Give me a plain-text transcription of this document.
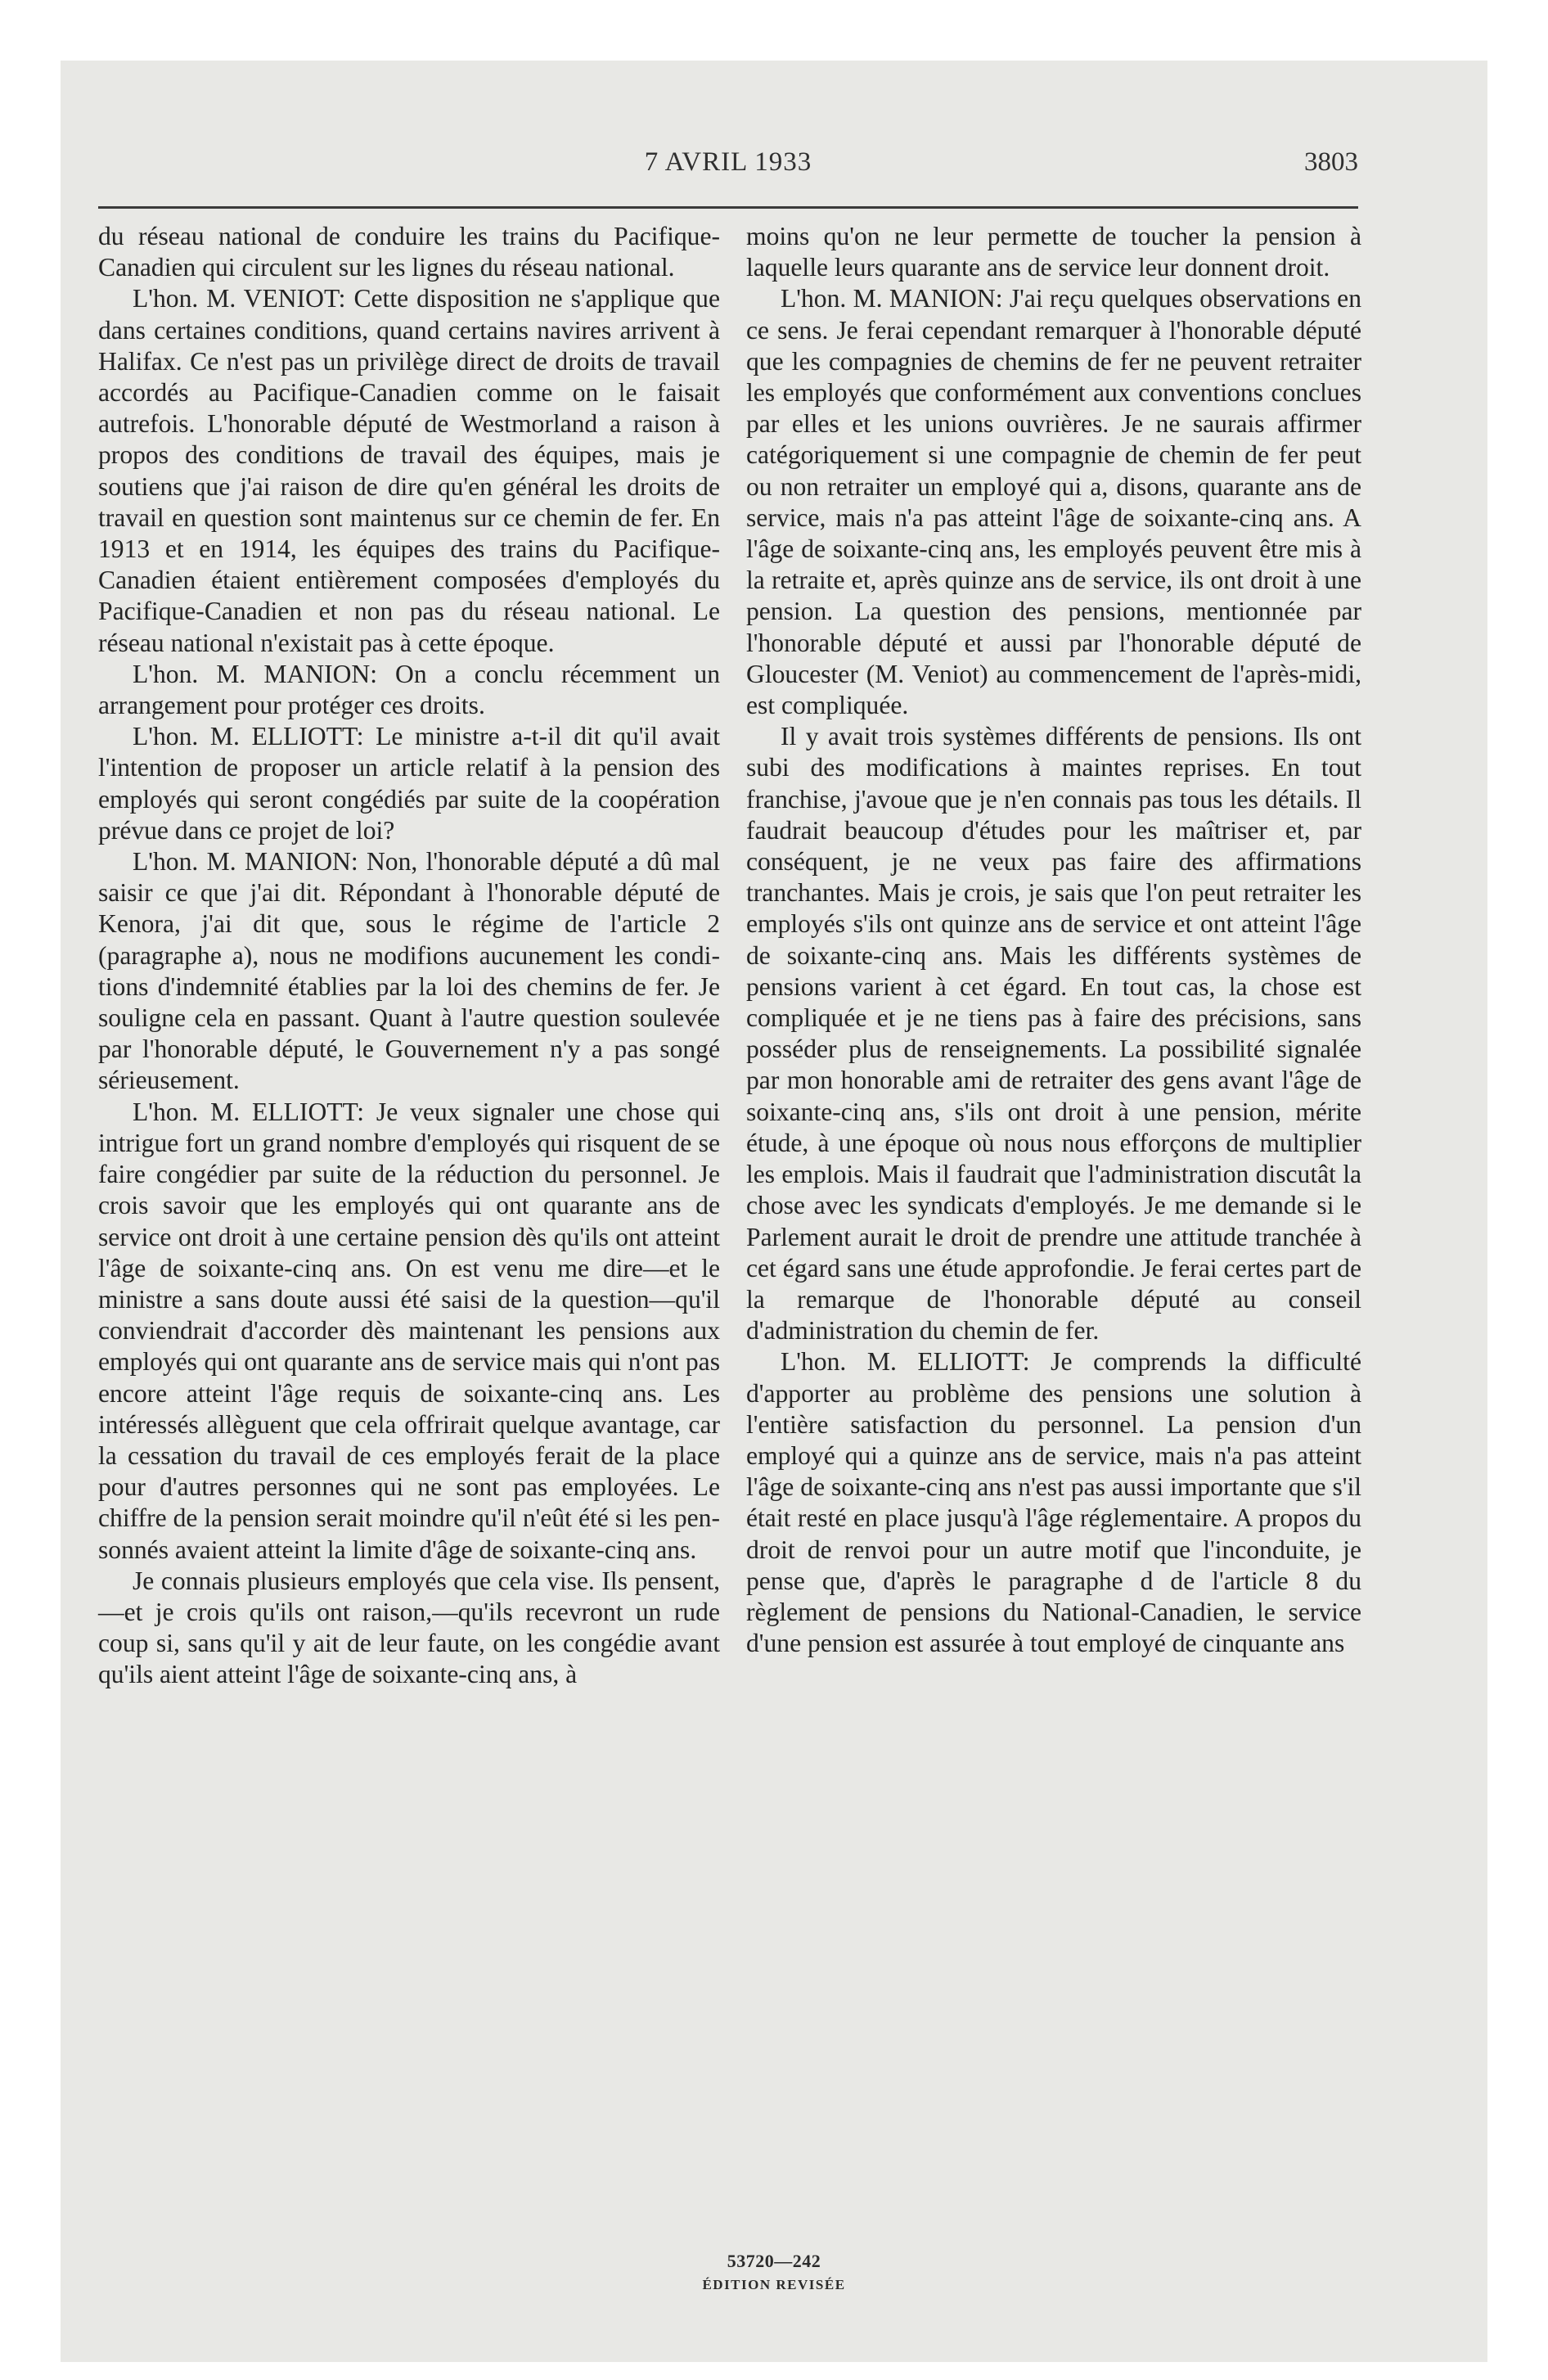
7 AVRIL 1933	3803

du réseau national de conduire les trains du Pacifique-Canadien qui circulent sur les lignes du réseau national.

L'hon. M. VENIOT: Cette disposition ne s'applique que dans certaines conditions, quand certains navires arrivent à Halifax. Ce n'est pas un privilège direct de droits de travail accordés au Pacifique-Canadien comme on le faisait autrefois. L'honorable député de Westmorland a raison à propos des conditions de travail des équipes, mais je soutiens que j'ai raison de dire qu'en général les droits de travail en question sont maintenus sur ce chemin de fer. En 1913 et en 1914, les équipes des trains du Pacifique-Canadien étaient entièrement composées d'employés du Pacifique-Canadien et non pas du réseau national. Le réseau national n'existait pas à cette époque.

L'hon. M. MANION: On a conclu récemment un arrangement pour protéger ces droits.

L'hon. M. ELLIOTT: Le ministre a-t-il dit qu'il avait l'intention de proposer un article relatif à la pension des employés qui seront congédiés par suite de la coopération prévue dans ce projet de loi?

L'hon. M. MANION: Non, l'honorable député a dû mal saisir ce que j'ai dit. Répondant à l'honorable député de Kenora, j'ai dit que, sous le régime de l'article 2 (paragraphe a), nous ne modifions aucunement les conditions d'indemnité établies par la loi des chemins de fer. Je souligne cela en passant. Quant à l'autre question soulevée par l'honorable député, le Gouvernement n'y a pas songé sérieusement.

L'hon. M. ELLIOTT: Je veux signaler une chose qui intrigue fort un grand nombre d'employés qui risquent de se faire congédier par suite de la réduction du personnel. Je crois savoir que les employés qui ont quarante ans de service ont droit à une certaine pension dès qu'ils ont atteint l'âge de soixante-cinq ans. On est venu me dire—et le ministre a sans doute aussi été saisi de la question—qu'il conviendrait d'accorder dès maintenant les pensions aux employés qui ont quarante ans de service mais qui n'ont pas encore atteint l'âge requis de soixante-cinq ans. Les intéressés allèguent que cela offrirait quelque avantage, car la cessation du travail de ces employés ferait de la place pour d'autres personnes qui ne sont pas employées. Le chiffre de la pension serait moindre qu'il n'eût été si les pensonnés avaient atteint la limite d'âge de soixante-cinq ans.

Je connais plusieurs employés que cela vise. Ils pensent,—et je crois qu'ils ont raison,—qu'ils recevront un rude coup si, sans qu'il y ait de leur faute, on les congédie avant qu'ils aient atteint l'âge de soixante-cinq ans, à

moins qu'on ne leur permette de toucher la pension à laquelle leurs quarante ans de service leur donnent droit.

L'hon. M. MANION: J'ai reçu quelques observations en ce sens. Je ferai cependant remarquer à l'honorable député que les compagnies de chemins de fer ne peuvent retraiter les employés que conformément aux conventions conclues par elles et les unions ouvrières. Je ne saurais affirmer catégoriquement si une compagnie de chemin de fer peut ou non retraiter un employé qui a, disons, quarante ans de service, mais n'a pas atteint l'âge de soixante-cinq ans. A l'âge de soixante-cinq ans, les employés peuvent être mis à la retraite et, après quinze ans de service, ils ont droit à une pension. La question des pensions, mentionnée par l'honorable député et aussi par l'honorable député de Gloucester (M. Veniot) au commencement de l'après-midi, est compliquée.

Il y avait trois systèmes différents de pensions. Ils ont subi des modifications à maintes reprises. En tout franchise, j'avoue que je n'en connais pas tous les détails. Il faudrait beaucoup d'études pour les maîtriser et, par conséquent, je ne veux pas faire des affirmations tranchantes. Mais je crois, je sais que l'on peut retraiter les employés s'ils ont quinze ans de service et ont atteint l'âge de soixante-cinq ans. Mais les différents systèmes de pensions varient à cet égard. En tout cas, la chose est compliquée et je ne tiens pas à faire des précisions, sans posséder plus de renseignements. La possibilité signalée par mon honorable ami de retraiter des gens avant l'âge de soixante-cinq ans, s'ils ont droit à une pension, mérite étude, à une époque où nous nous efforçons de multiplier les emplois. Mais il faudrait que l'administration discutât la chose avec les syndicats d'employés. Je me demande si le Parlement aurait le droit de prendre une attitude tranchée à cet égard sans une étude approfondie. Je ferai certes part de la remarque de l'honorable député au conseil d'administration du chemin de fer.

L'hon. M. ELLIOTT: Je comprends la difficulté d'apporter au problème des pensions une solution à l'entière satisfaction du personnel. La pension d'un employé qui a quinze ans de service, mais n'a pas atteint l'âge de soixante-cinq ans n'est pas aussi importante que s'il était resté en place jusqu'à l'âge réglementaire. A propos du droit de renvoi pour un autre motif que l'inconduite, je pense que, d'après le paragraphe d de l'article 8 du règlement de pensions du National-Canadien, le service d'une pension est assurée à tout employé de cinquante ans

53720—242
ÉDITION REVISÉE
